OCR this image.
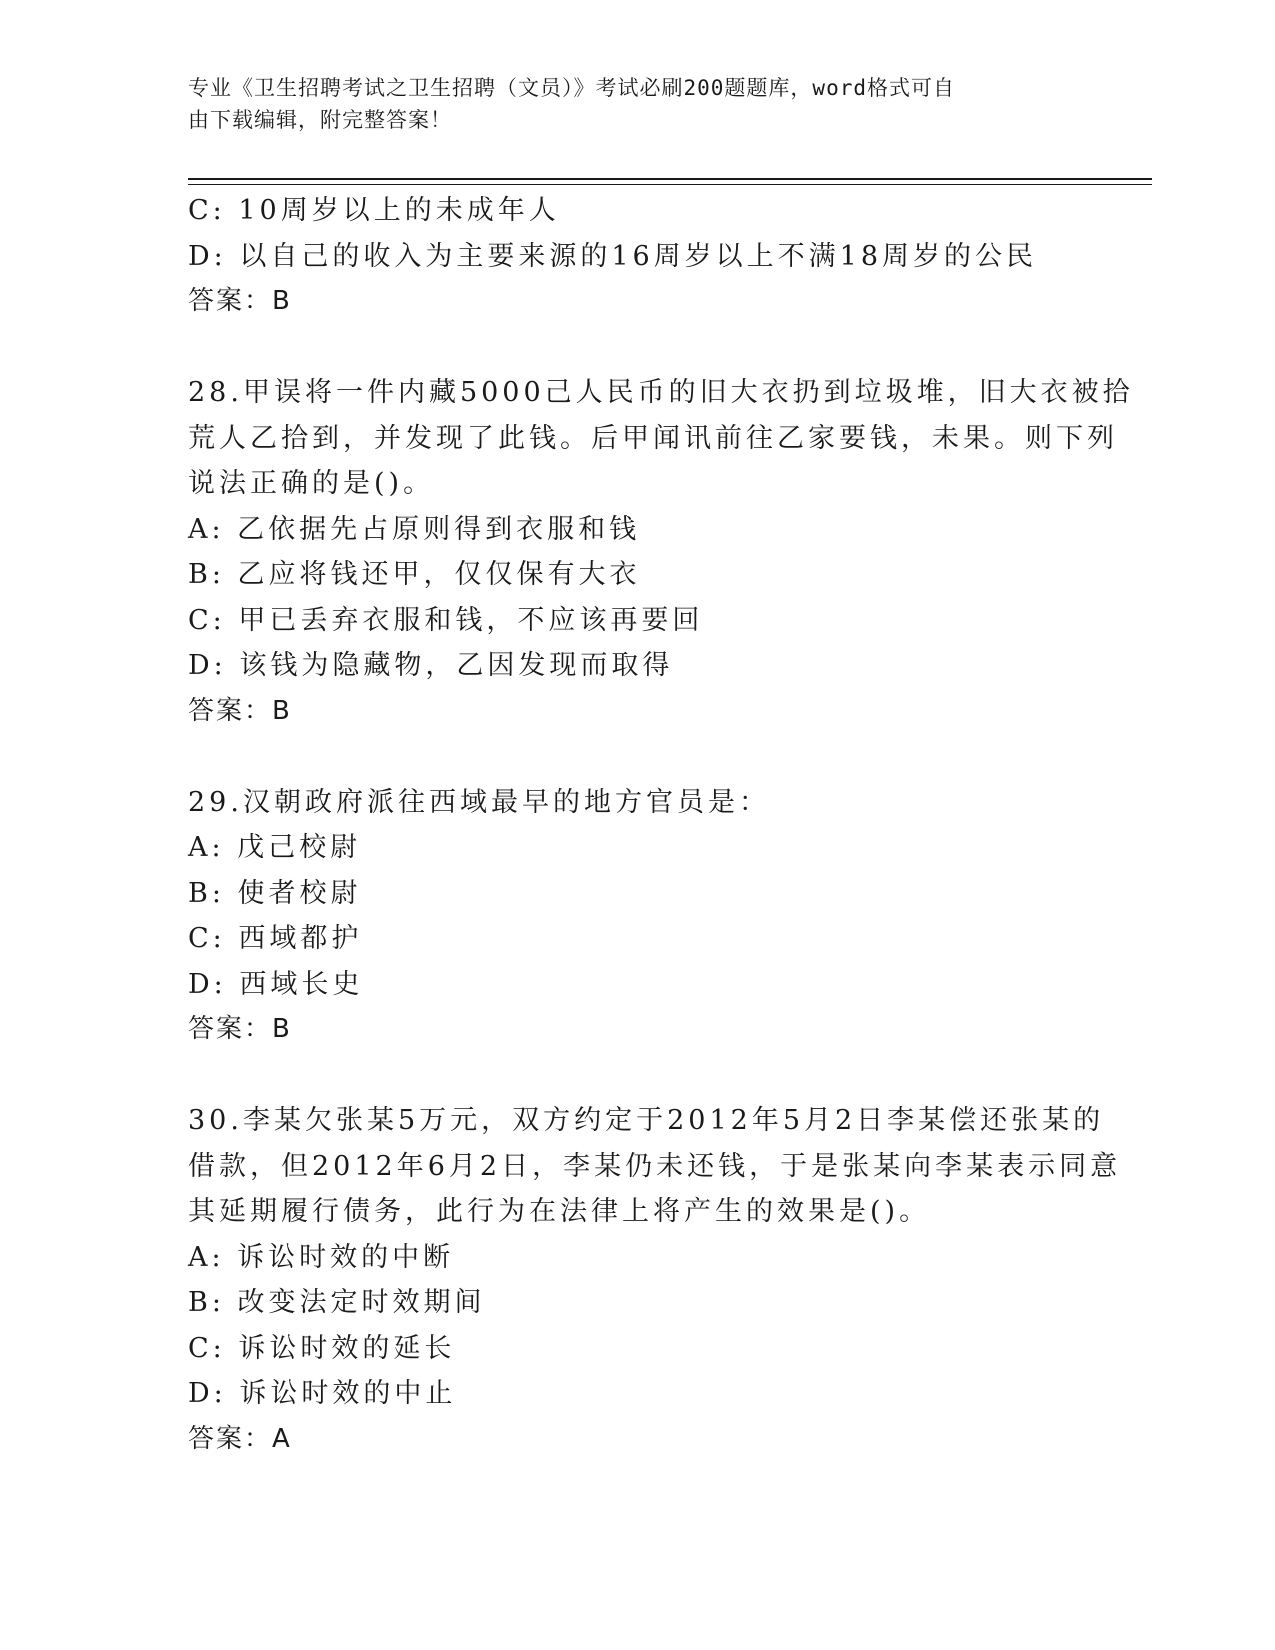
专业《卫生招聘考试之卫生招聘（文员）》考试必刷200题题库，word格式可自
由下载编辑，附完整答案！
C: 10周岁以上的未成年人
D: 以自己的收入为主要来源的16周岁以上不满18周岁的公民
答案：B
28.甲误将一件内藏5000己人民币的旧大衣扔到垃圾堆，旧大衣被拾
荒人乙拾到，并发现了此钱。后甲闻讯前往乙家要钱，未果。则下列
说法正确的是()。
A: 乙依据先占原则得到衣服和钱
B: 乙应将钱还甲，仅仅保有大衣
C: 甲已丢弃衣服和钱，不应该再要回
D: 该钱为隐藏物，乙因发现而取得
答案：B
29.汉朝政府派往西域最早的地方官员是：
A: 戊己校尉
B: 使者校尉
C: 西域都护
D: 西域长史
答案：B
30.李某欠张某5万元，双方约定于2012年5月2日李某偿还张某的
借款，但2012年6月2日，李某仍未还钱，于是张某向李某表示同意
其延期履行债务，此行为在法律上将产生的效果是()。
A: 诉讼时效的中断
B: 改变法定时效期间
C: 诉讼时效的延长
D: 诉讼时效的中止
答案：A
